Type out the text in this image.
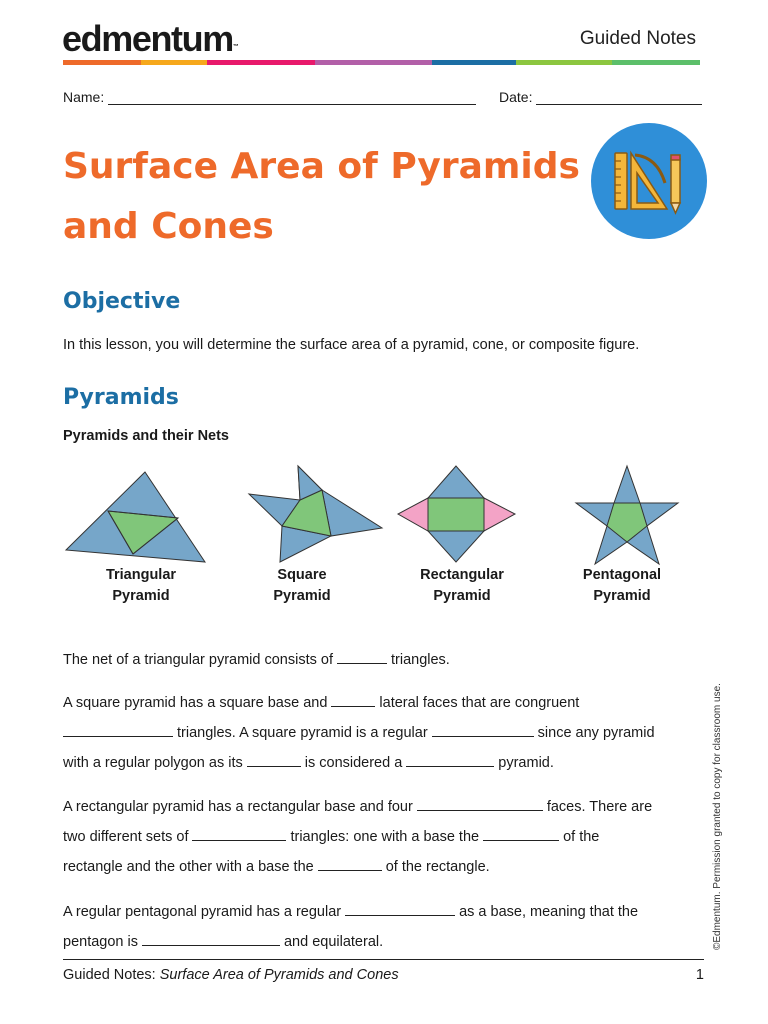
edmentum™	Guided Notes
Name:	Date:
Surface Area of Pyramids and Cones
Objective
In this lesson, you will determine the surface area of a pyramid, cone, or composite figure.
Pyramids
Pyramids and their Nets
Triangular
Pyramid
Square
Pyramid
Rectangular
Pyramid
Pentagonal
Pyramid
The net of a triangular pyramid consists of	triangles.
A square pyramid has a square base and	lateral faces that are congruent
triangles. A square pyramid is a regular	since any pyramid
with a regular polygon as its	is considered a	pyramid.
A rectangular pyramid has a rectangular base and four	faces. There are
two different sets of	triangles: one with a base the	of the
rectangle and the other with a base the	of the rectangle.
A regular pentagonal pyramid has a regular	as a base, meaning that the
pentagon is	and equilateral.	©Edmentum. Permission granted to copy for classroom use.
Guided Notes: Surface Area of Pyramids and Cones	1
